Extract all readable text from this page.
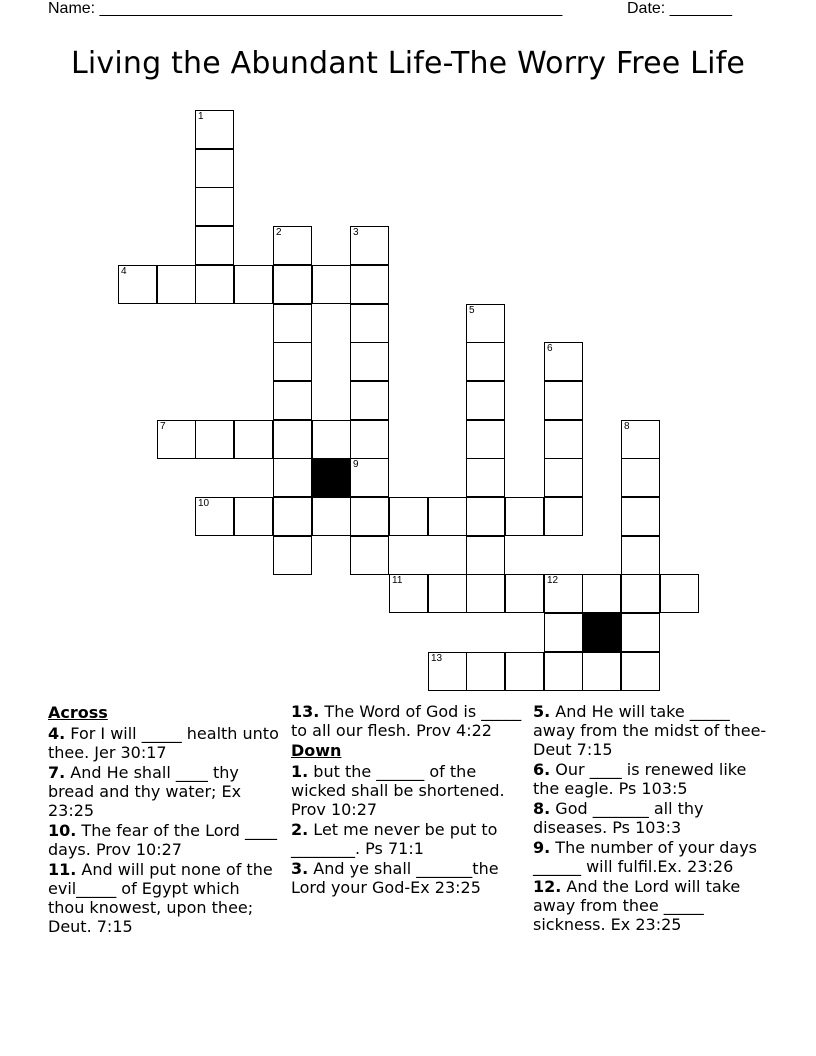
Name: ____________________________________________________	Date: _______
Living the Abundant Life-The Worry Free Life
1
2	3
4
5
6
7	8
9
10
11	12
13
Across
4. For I will _____ health unto thee. Jer 30:17
7. And He shall ____ thy bread and thy water; Ex 23:25
10. The fear of the Lord ____ days. Prov 10:27
11. And will put none of the evil_____ of Egypt which thou knowest, upon thee; Deut. 7:15
13. The Word of God is _____ to all our flesh. Prov 4:22
Down
1. but the ______ of the wicked shall be shortened. Prov 10:27
2. Let me never be put to ________. Ps 71:1
3. And ye shall _______the Lord your God-Ex 23:25
5. And He will take _____ away from the midst of thee-Deut 7:15
6. Our ____ is renewed like the eagle. Ps 103:5
8. God _______ all thy diseases. Ps 103:3
9. The number of your days ______ will fulfil.Ex. 23:26
12. And the Lord will take away from thee _____ sickness. Ex 23:25
